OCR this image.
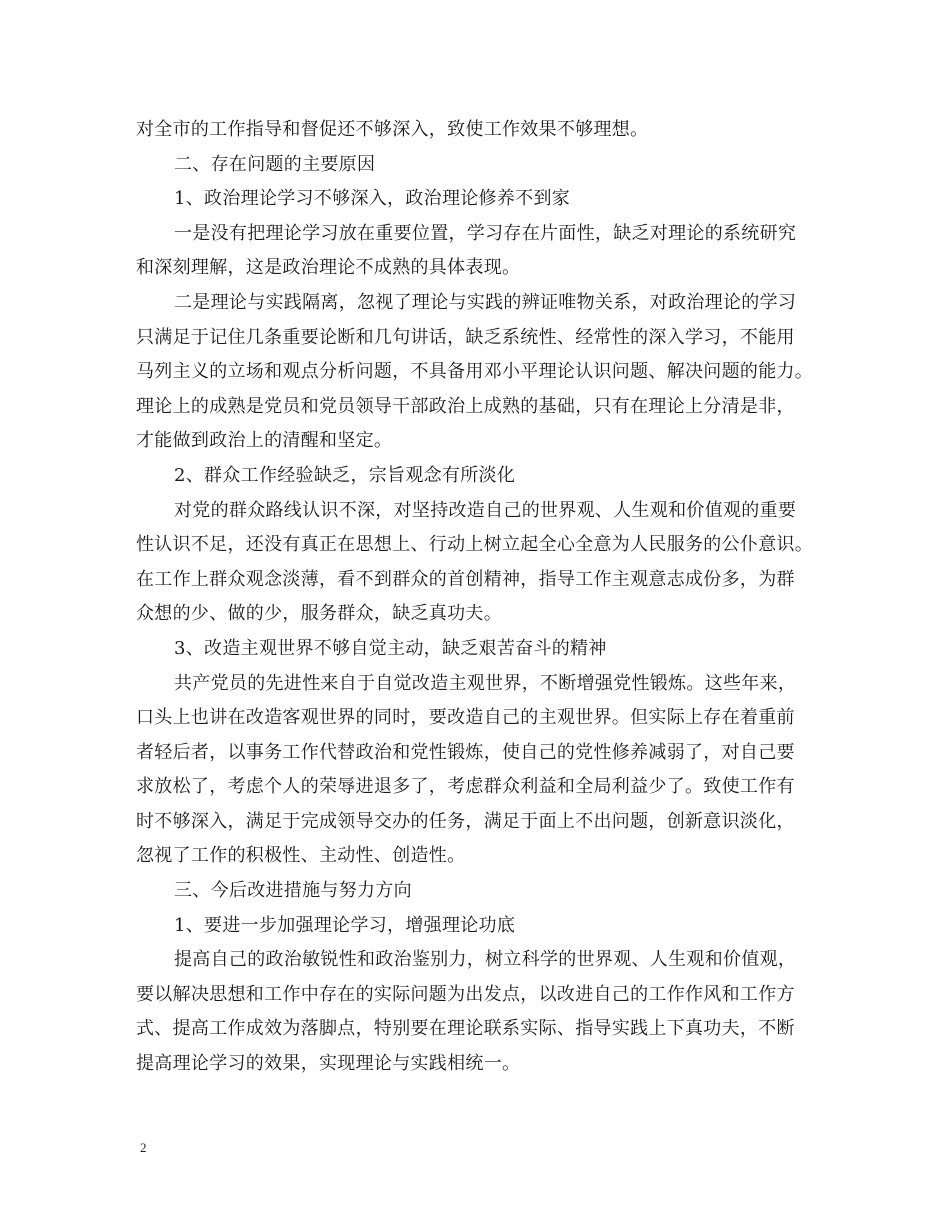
对全市的工作指导和督促还不够深入，致使工作效果不够理想。
二、存在问题的主要原因
1、政治理论学习不够深入，政治理论修养不到家
一是没有把理论学习放在重要位置，学习存在片面性，缺乏对理论的系统研究
和深刻理解，这是政治理论不成熟的具体表现。
二是理论与实践隔离，忽视了理论与实践的辨证唯物关系，对政治理论的学习
只满足于记住几条重要论断和几句讲话，缺乏系统性、经常性的深入学习，不能用
马列主义的立场和观点分析问题，不具备用邓小平理论认识问题、解决问题的能力。
理论上的成熟是党员和党员领导干部政治上成熟的基础，只有在理论上分清是非，
才能做到政治上的清醒和坚定。
2、群众工作经验缺乏，宗旨观念有所淡化
对党的群众路线认识不深，对坚持改造自己的世界观、人生观和价值观的重要
性认识不足，还没有真正在思想上、行动上树立起全心全意为人民服务的公仆意识。
在工作上群众观念淡薄，看不到群众的首创精神，指导工作主观意志成份多，为群
众想的少、做的少，服务群众，缺乏真功夫。
3、改造主观世界不够自觉主动，缺乏艰苦奋斗的精神
共产党员的先进性来自于自觉改造主观世界，不断增强党性锻炼。这些年来，
口头上也讲在改造客观世界的同时，要改造自己的主观世界。但实际上存在着重前
者轻后者，以事务工作代替政治和党性锻炼，使自己的党性修养减弱了，对自己要
求放松了，考虑个人的荣辱进退多了，考虑群众利益和全局利益少了。致使工作有
时不够深入，满足于完成领导交办的任务，满足于面上不出问题，创新意识淡化，
忽视了工作的积极性、主动性、创造性。
三、今后改进措施与努力方向
1、要进一步加强理论学习，增强理论功底
提高自己的政治敏锐性和政治鉴别力，树立科学的世界观、人生观和价值观，
要以解决思想和工作中存在的实际问题为出发点，以改进自己的工作作风和工作方
式、提高工作成效为落脚点，特别要在理论联系实际、指导实践上下真功夫，不断
提高理论学习的效果，实现理论与实践相统一。
2
